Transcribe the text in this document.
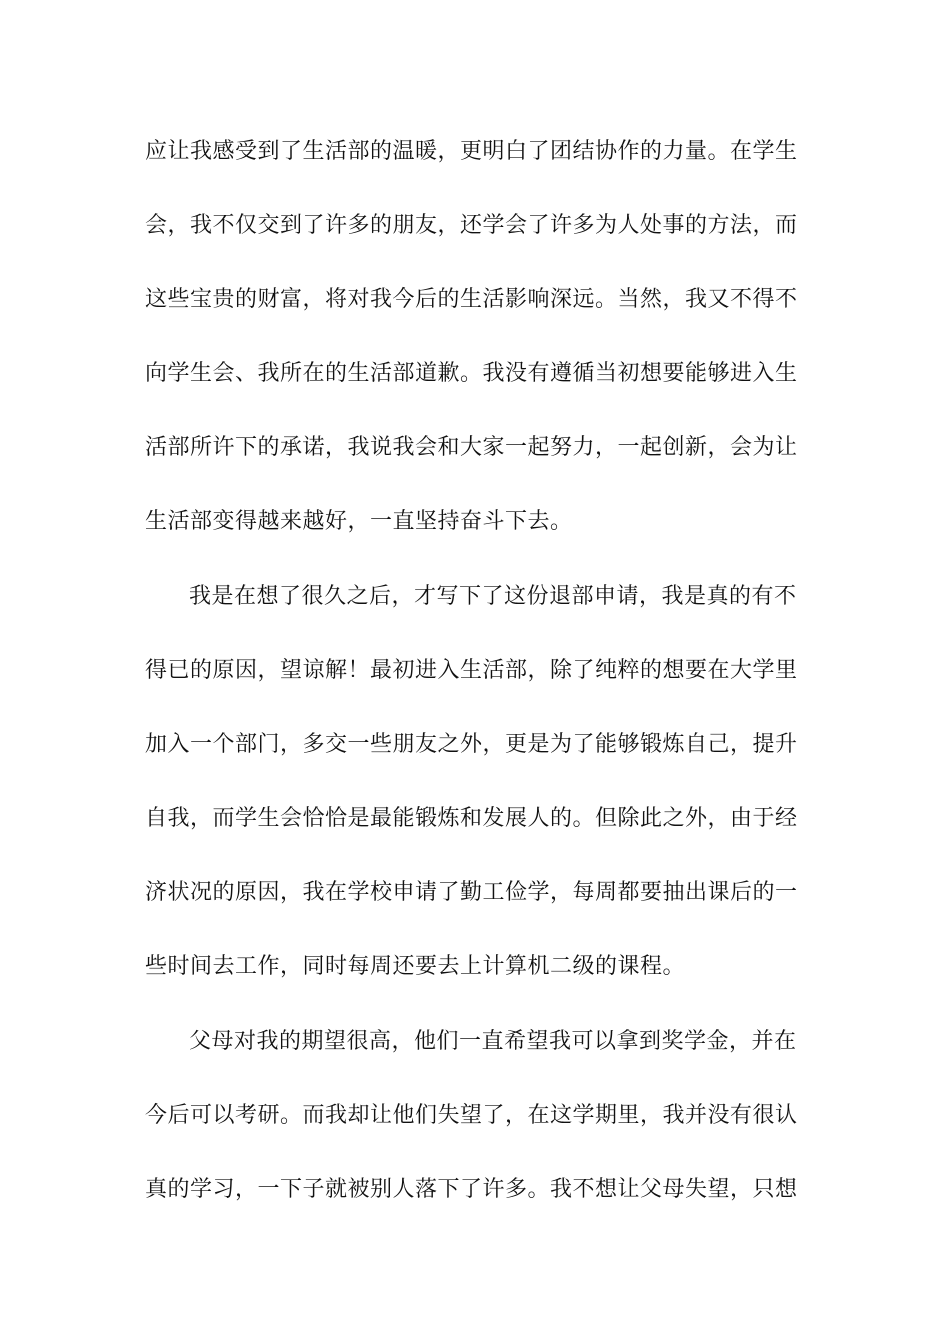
应让我感受到了生活部的温暖，更明白了团结协作的力量。在学生
会，我不仅交到了许多的朋友，还学会了许多为人处事的方法，而
这些宝贵的财富，将对我今后的生活影响深远。当然，我又不得不
向学生会、我所在的生活部道歉。我没有遵循当初想要能够进入生
活部所许下的承诺，我说我会和大家一起努力，一起创新，会为让
生活部变得越来越好，一直坚持奋斗下去。
我是在想了很久之后，才写下了这份退部申请，我是真的有不
得已的原因，望谅解！最初进入生活部，除了纯粹的想要在大学里
加入一个部门，多交一些朋友之外，更是为了能够锻炼自己，提升
自我，而学生会恰恰是最能锻炼和发展人的。但除此之外，由于经
济状况的原因，我在学校申请了勤工俭学，每周都要抽出课后的一
些时间去工作，同时每周还要去上计算机二级的课程。
父母对我的期望很高，他们一直希望我可以拿到奖学金，并在
今后可以考研。而我却让他们失望了，在这学期里，我并没有很认
真的学习，一下子就被别人落下了许多。我不想让父母失望，只想
